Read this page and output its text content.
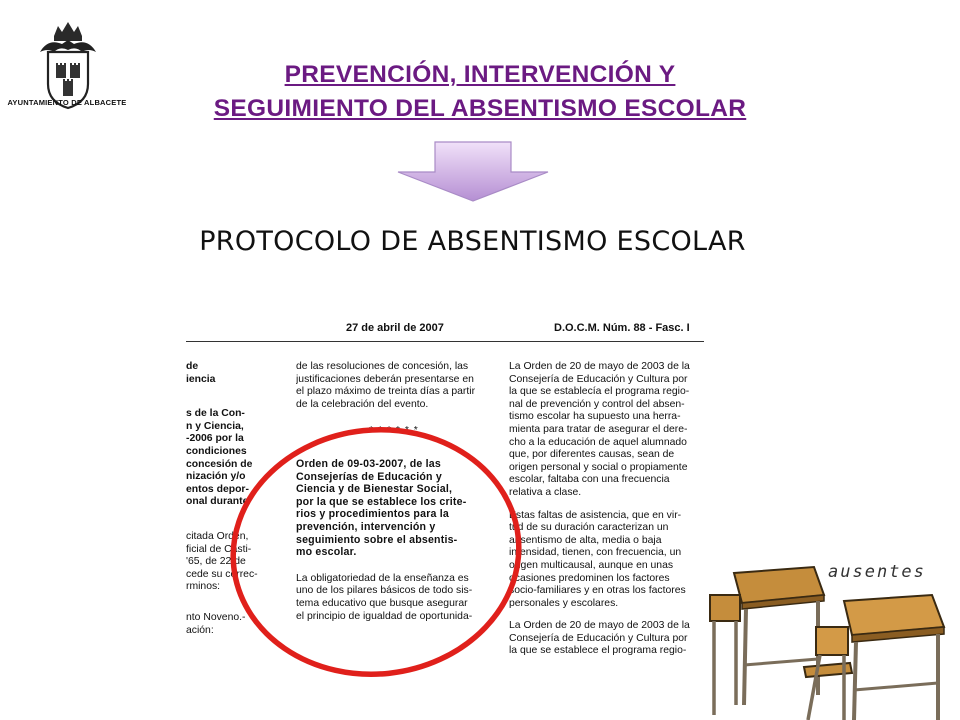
AYUNTAMIENTO DE ALBACETE
PREVENCIÓN, INTERVENCIÓN Y
SEGUIMIENTO DEL ABSENTISMO ESCOLAR
PROTOCOLO DE ABSENTISMO ESCOLAR
27 de abril de 2007	D.O.C.M. Núm. 88 - Fasc. I

de
iencia

s de la Con-
n y Ciencia,
-2006 por la
condiciones
concesión de
nización y/o
entos depor-
onal durante

citada Orden,
ficial de Casti-
'65, de 22 de
cede su correc-
rminos:

nto Noveno.-
ación:

de las resoluciones de concesión, las
justificaciones deberán presentarse en
el plazo máximo de treinta días a partir
de la celebración del evento.

* * * * * *

Orden de 09-03-2007, de las
Consejerías de Educación y
Ciencia y de Bienestar Social,
por la que se establece los crite-
rios y procedimientos para la
prevención, intervención y
seguimiento sobre el absentis-
mo escolar.

La obligatoriedad de la enseñanza es
uno de los pilares básicos de todo sis-
tema educativo que busque asegurar
el principio de igualdad de oportunida-

La Orden de 20 de mayo de 2003 de la
Consejería de Educación y Cultura por
la que se establecía el programa regio-
nal de prevención y control del absen-
tismo escolar ha supuesto una herra-
mienta para tratar de asegurar el dere-
cho a la educación de aquel alumnado
que, por diferentes causas, sean de
origen personal y social o propiamente
escolar, faltaba con una frecuencia
relativa a clase.

Estas faltas de asistencia, que en vir-
tud de su duración caracterizan un
absentismo de alta, media o baja
intensidad, tienen, con frecuencia, un
origen multicausal, aunque en unas
ocasiones predominen los factores
socio-familiares y en otras los factores
personales y escolares.

La Orden de 20 de mayo de 2003 de la
Consejería de Educación y Cultura por
la que se establece el programa regio-

ausentes
